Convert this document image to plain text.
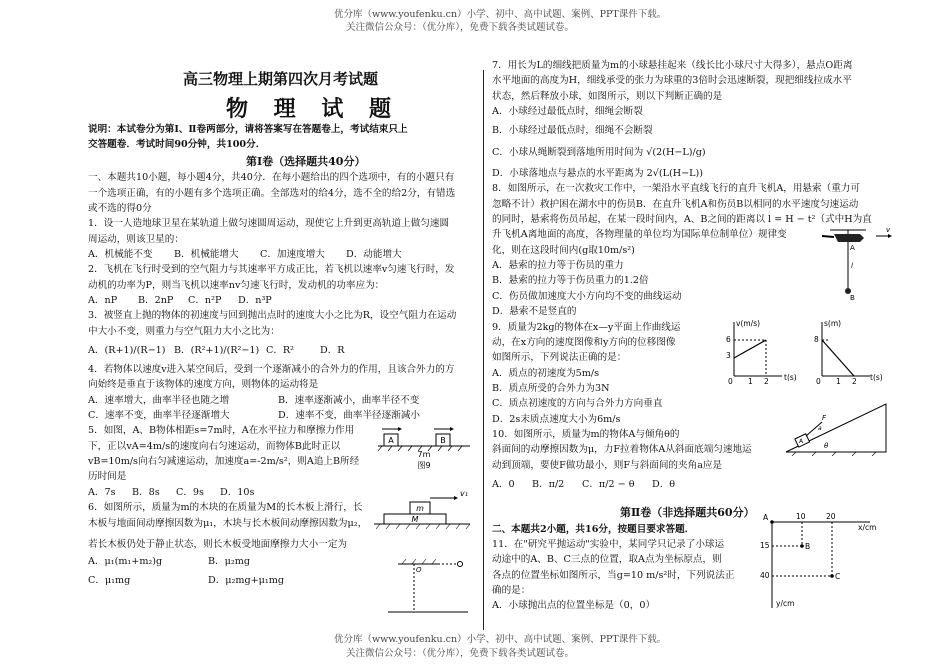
优分库（www.youfenku.cn）小学、初中、高中试题、案例、PPT课件下载。
关注微信公众号：（优分库），免费下载各类试题试卷。
优分库（www.youfenku.cn）小学、初中、高中试题、案例、PPT课件下载。
关注微信公众号：（优分库），免费下载各类试题试卷。
高三物理上期第四次月考试题
物 理 试 题

说明：本试卷分为第Ⅰ、Ⅱ卷两部分，请将答案写在答题卷上，考试结束只上

交答题卷．考试时间90分钟，共100分．

第Ⅰ卷（选择题共40分）

一、本题共10小题，每小题4分，共40分．在每小题给出的四个选项中，有的小题只有

一个选项正确，有的小题有多个选项正确。全部选对的给4分，选不全的给2分，有错选

或不选的得0分

1．设一人造地球卫星在某轨道上做匀速圆周运动，现使它上升到更高轨道上做匀速圆

周运动，则该卫星的：

A．机械能不变 B．机械能增大 C．加速度增大 D．动能增大

2．飞机在飞行时受到的空气阻力与其速率平方成正比，若飞机以速率v匀速飞行时，发

动机的功率为P，则当飞机以速率nv匀速飞行时，发动机的功率应为：

A．nP B．2nP C．n²P D．n³P

3．被竖直上抛的物体的初速度与回到抛出点时的速度大小之比为R，设空气阻力在运动

中大小不变，则重力与空气阻力大小之比为：

A．(R+1)/(R−1) B．(R²+1)/(R²−1) C．R²	D．R

4．若物体以速度v进入某空间后，受到一个逐渐减小的合外力的作用，且该合外力的方

向始终是垂直于该物体的速度方向，则物体的运动将是

A．速率增大，曲率半径也随之增	B．速率逐渐减小，曲率半径不变

C．速率不变，曲率半径逐渐增大	D．速率不变，曲率半径逐渐减小

5．如图，A、B物体相距s=7m时，A在水平拉力和摩擦力作用

下，正以vA=4m/s的速度向右匀速运动，而物体B此时正以

vB=10m/s向右匀减速运动，加速度a=-2m/s²，则A追上B所经

历时间是

A．7s B．8s C．9s D．10s

6．如图所示，质量为m的木块的在质量为M的长木板上滑行，长

木板与地面间动摩擦因数为μ₁，木块与长木板间动摩擦因数为μ₂，

若长木板仍处于静止状态，则长木板受地面摩擦力大小一定为

A．μ₁(m₁+m₂)g	B．μ₂mg

C．μ₁mg	D．μ₂mg+μ₁mg

A	B
7m
图9
M
m
v₁
O

7．用长为L的细线把质量为m的小球悬挂起来（线长比小球尺寸大得多），悬点O距离

水平地面的高度为H，细线承受的张力为球重的3倍时会迅速断裂，现把细线拉成水平

状态，然后释放小球，如图所示，则以下判断正确的是

A．小球经过最低点时，细绳会断裂

B．小球经过最低点时，细绳不会断裂

C．小球从绳断裂到落地所用时间为 √(2(H−L)/g)

D．小球落地点与悬点的水平距离为 2√(L(H−L))

8．如图所示，在一次救灾工作中，一架沿水平直线飞行的直升飞机A，用悬索（重力可

忽略不计）救护困在湖水中的伤员B．在直升飞机A和伤员B以相同的水平速度匀速运动

的同时，悬索将伤员吊起，在某一段时间内，A、B之间的距离以 l = H − t²（式中H为直

升飞机A离地面的高度，各物理量的单位均为国际单位制单位）规律变

化，则在这段时间内(g取10m/s²)

A．悬索的拉力等于伤员的重力

B．悬索的拉力等于伤员重力的1.2倍

C．伤员做加速度大小方向均不变的曲线运动

D．悬索不是竖直的

9．质量为2kg的物体在x—y平面上作曲线运

动，在x方向的速度图像和y方向的位移图像

如图所示，下列说法正确的是：

A．质点的初速度为5m/s

B．质点所受的合外力为3N

C．质点初速度的方向与合外力方向垂直

D．2s末质点速度大小为6m/s

10．如图所示，质量为m的物体A与倾角θ的

斜面间的动摩擦因数为μ，力F拉着物体A从斜面底端匀速地运

动到顶端，要使F做功最小，则F与斜面间的夹角a应是

A．0 B．π/2 C．π/2 − θ D．θ

第Ⅱ卷（非选择题共60分）

二、本题共2小题，共16分，按题目要求答题．

11．在"研究平抛运动"实验中，某同学只记录了小球运

动途中的A、B、C三点的位置，取A点为坐标原点，则

各点的位置坐标如图所示，当g=10 m/s²时，下列说法正

确的是：

A．小球抛出点的位置坐标是（0，0）

A
v
l
B
v(m/s)
t(s)
6
3
0 1 2
s(m)
t(s)
8
0 1 2
A
F
a
θ
x/cm
y/cm
10	20
15
40
A
B
C
